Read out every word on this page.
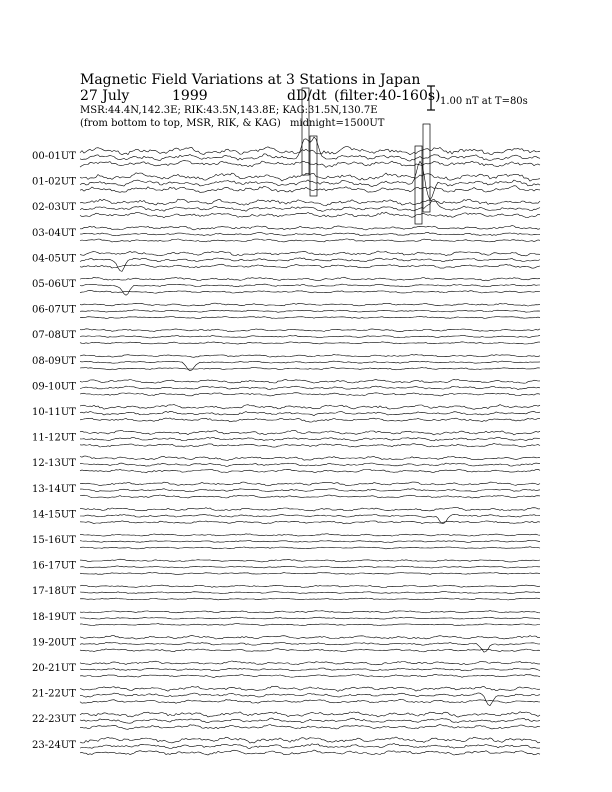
Magnetic Field Variations at 3 Stations in Japan
27 July	1999	dD/dt (filter:40-160s)
MSR:44.4N,142.3E; RIK:43.5N,143.8E; KAG:31.5N,130.7E
(from bottom to top, MSR, RIK, & KAG) midnight=1500UT
1.00 nT at T=80s
00-01UT
01-02UT
02-03UT
03-04UT
04-05UT
05-06UT
06-07UT
07-08UT
08-09UT
09-10UT
10-11UT
11-12UT
12-13UT
13-14UT
14-15UT
15-16UT
16-17UT
17-18UT
18-19UT
19-20UT
20-21UT
21-22UT
22-23UT
23-24UT
